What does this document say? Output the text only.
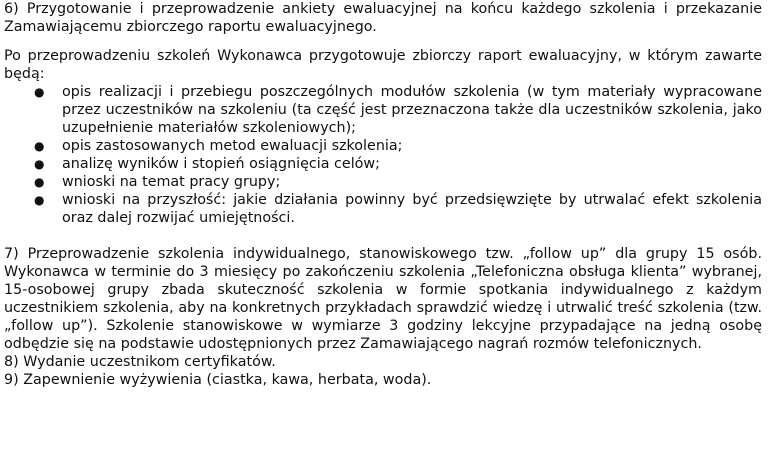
6) Przygotowanie i przeprowadzenie ankiety ewaluacyjnej na końcu każdego szkolenia i przekazanie Zamawiającemu zbiorczego raportu ewaluacyjnego.

Po przeprowadzeniu szkoleń Wykonawca przygotowuje zbiorczy raport ewaluacyjny, w którym zawarte będą:

● opis realizacji i przebiegu poszczególnych modułów szkolenia (w tym materiały wypracowane przez uczestników na szkoleniu (ta część jest przeznaczona także dla uczestników szkolenia, jako uzupełnienie materiałów szkoleniowych);
● opis zastosowanych metod ewaluacji szkolenia;
● analizę wyników i stopień osiągnięcia celów;
● wnioski na temat pracy grupy;
● wnioski na przyszłość: jakie działania powinny być przedsięwzięte by utrwalać efekt szkolenia oraz dalej rozwijać umiejętności.

7) Przeprowadzenie szkolenia indywidualnego, stanowiskowego tzw. „follow up” dla grupy 15 osób. Wykonawca w terminie do 3 miesięcy po zakończeniu szkolenia „Telefoniczna obsługa klienta” wybranej, 15-osobowej grupy zbada skuteczność szkolenia w formie spotkania indywidualnego z każdym uczestnikiem szkolenia, aby na konkretnych przykładach sprawdzić wiedzę i utrwalić treść szkolenia (tzw. „follow up”). Szkolenie stanowiskowe w wymiarze 3 godziny lekcyjne przypadające na jedną osobę odbędzie się na podstawie udostępnionych przez Zamawiającego nagrań rozmów telefonicznych.

8) Wydanie uczestnikom certyfikatów.

9) Zapewnienie wyżywienia (ciastka, kawa, herbata, woda).
